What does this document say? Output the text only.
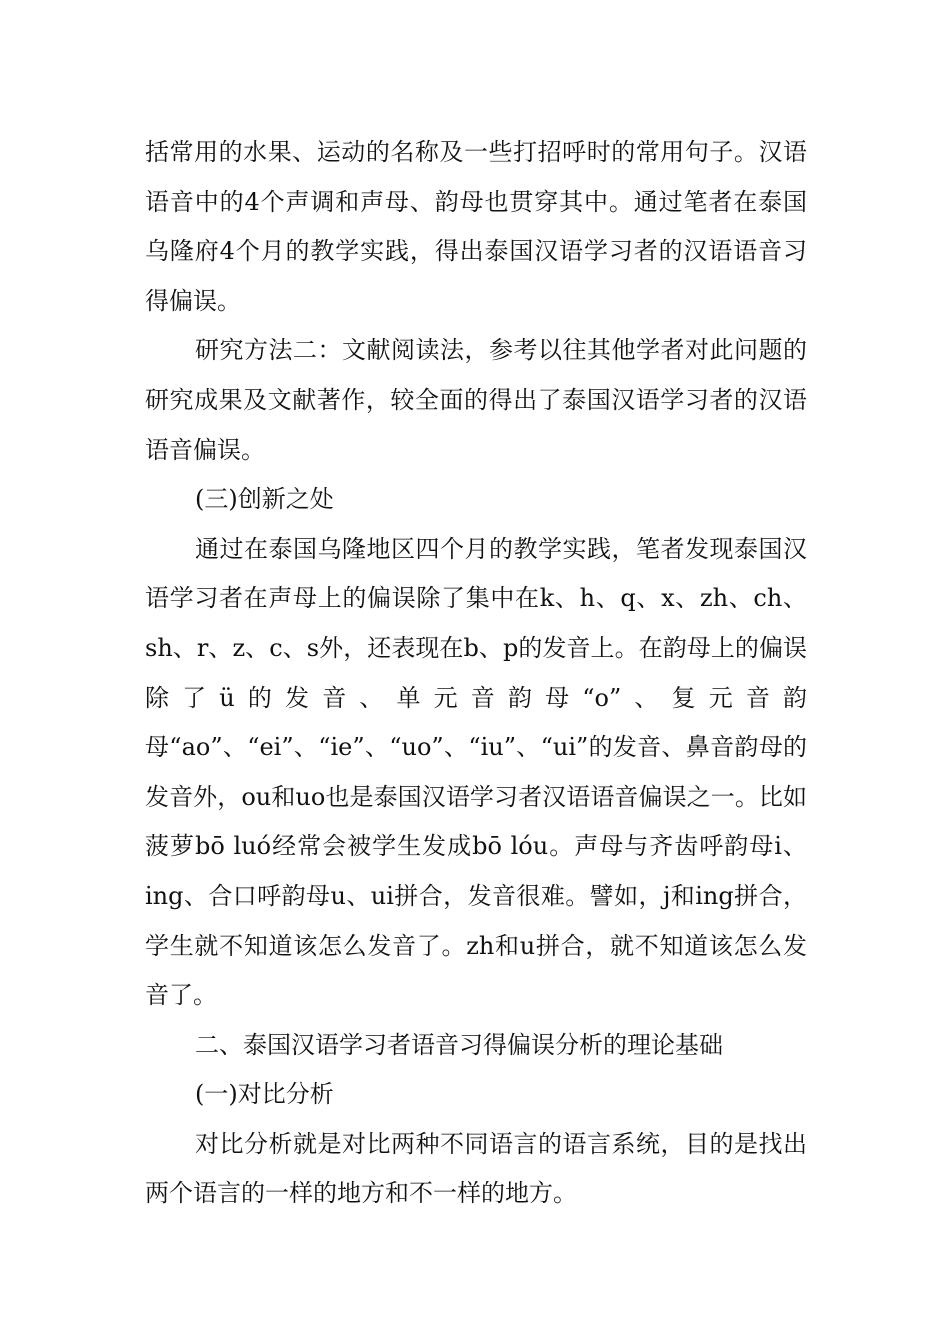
括常用的水果、运动的名称及一些打招呼时的常用句子。汉语语音中的4个声调和声母、韵母也贯穿其中。通过笔者在泰国乌隆府4个月的教学实践，得出泰国汉语学习者的汉语语音习得偏误。

研究方法二：文献阅读法，参考以往其他学者对此问题的研究成果及文献著作，较全面的得出了泰国汉语学习者的汉语语音偏误。

(三)创新之处

通过在泰国乌隆地区四个月的教学实践，笔者发现泰国汉语学习者在声母上的偏误除了集中在k、h、q、x、zh、ch、sh、r、z、c、s外，还表现在b、p的发音上。在韵母上的偏误除了ü的发音、单元音韵母“o”、复元音韵母“ao”、“ei”、“ie”、“uo”、“iu”、“ui”的发音、鼻音韵母的发音外，ou和uo也是泰国汉语学习者汉语语音偏误之一。比如菠萝bō luó经常会被学生发成bō lóu。声母与齐齿呼韵母i、ing、合口呼韵母u、ui拼合，发音很难。譬如，j和ing拼合，学生就不知道该怎么发音了。zh和u拼合，就不知道该怎么发音了。

二、泰国汉语学习者语音习得偏误分析的理论基础

(一)对比分析

对比分析就是对比两种不同语言的语言系统，目的是找出两个语言的一样的地方和不一样的地方。
